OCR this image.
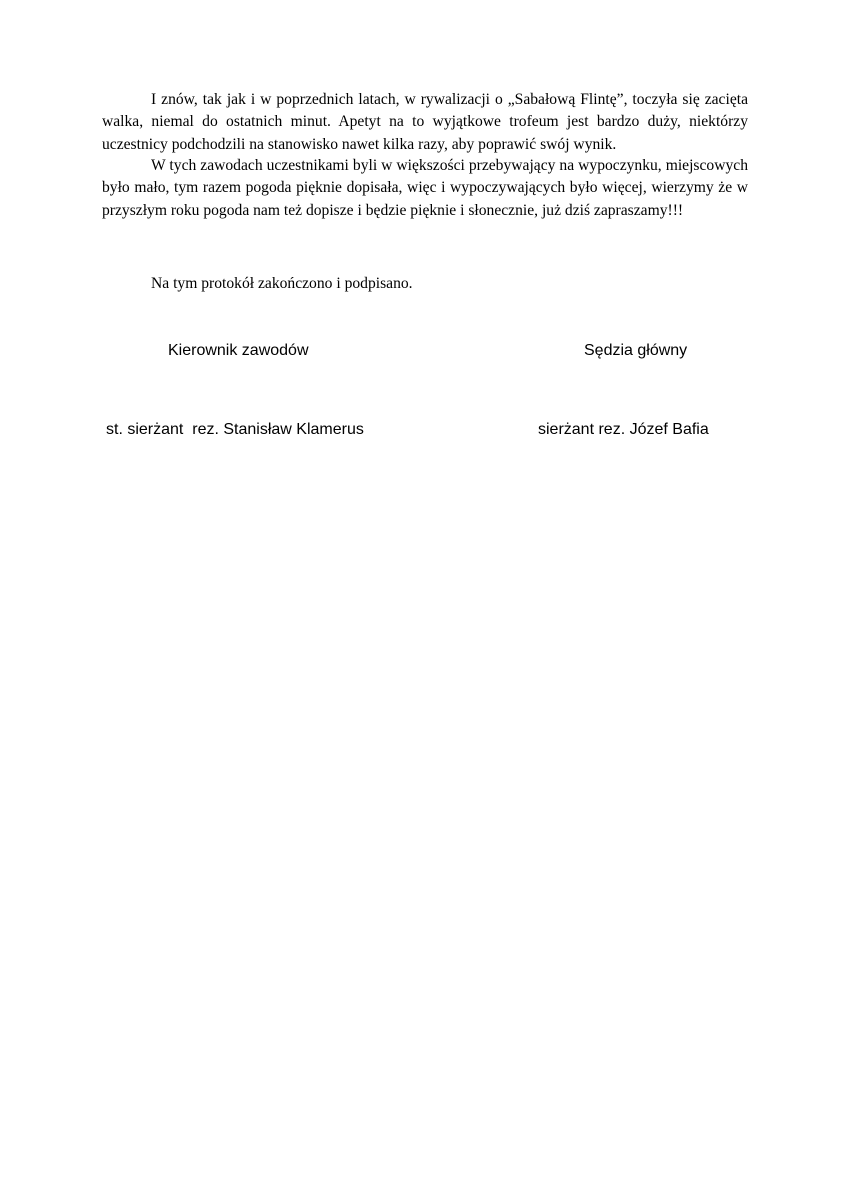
I znów, tak jak i w poprzednich latach, w rywalizacji o „Sabałową Flintę”, toczyła się zacięta walka, niemal do ostatnich minut. Apetyt na to wyjątkowe trofeum jest bardzo duży, niektórzy uczestnicy podchodzili na stanowisko nawet kilka razy, aby poprawić swój wynik.

W tych zawodach uczestnikami byli w większości przebywający na wypoczynku, miejscowych było mało, tym razem pogoda pięknie dopisała, więc i wypoczywających było więcej, wierzymy że w przyszłym roku pogoda nam też dopisze i będzie pięknie i słonecznie, już dziś zapraszamy!!!

Na tym protokół zakończono i podpisano.

Kierownik zawodów	Sędzia główny

st. sierżant  rez. Stanisław Klamerus	sierżant rez. Józef Bafia
